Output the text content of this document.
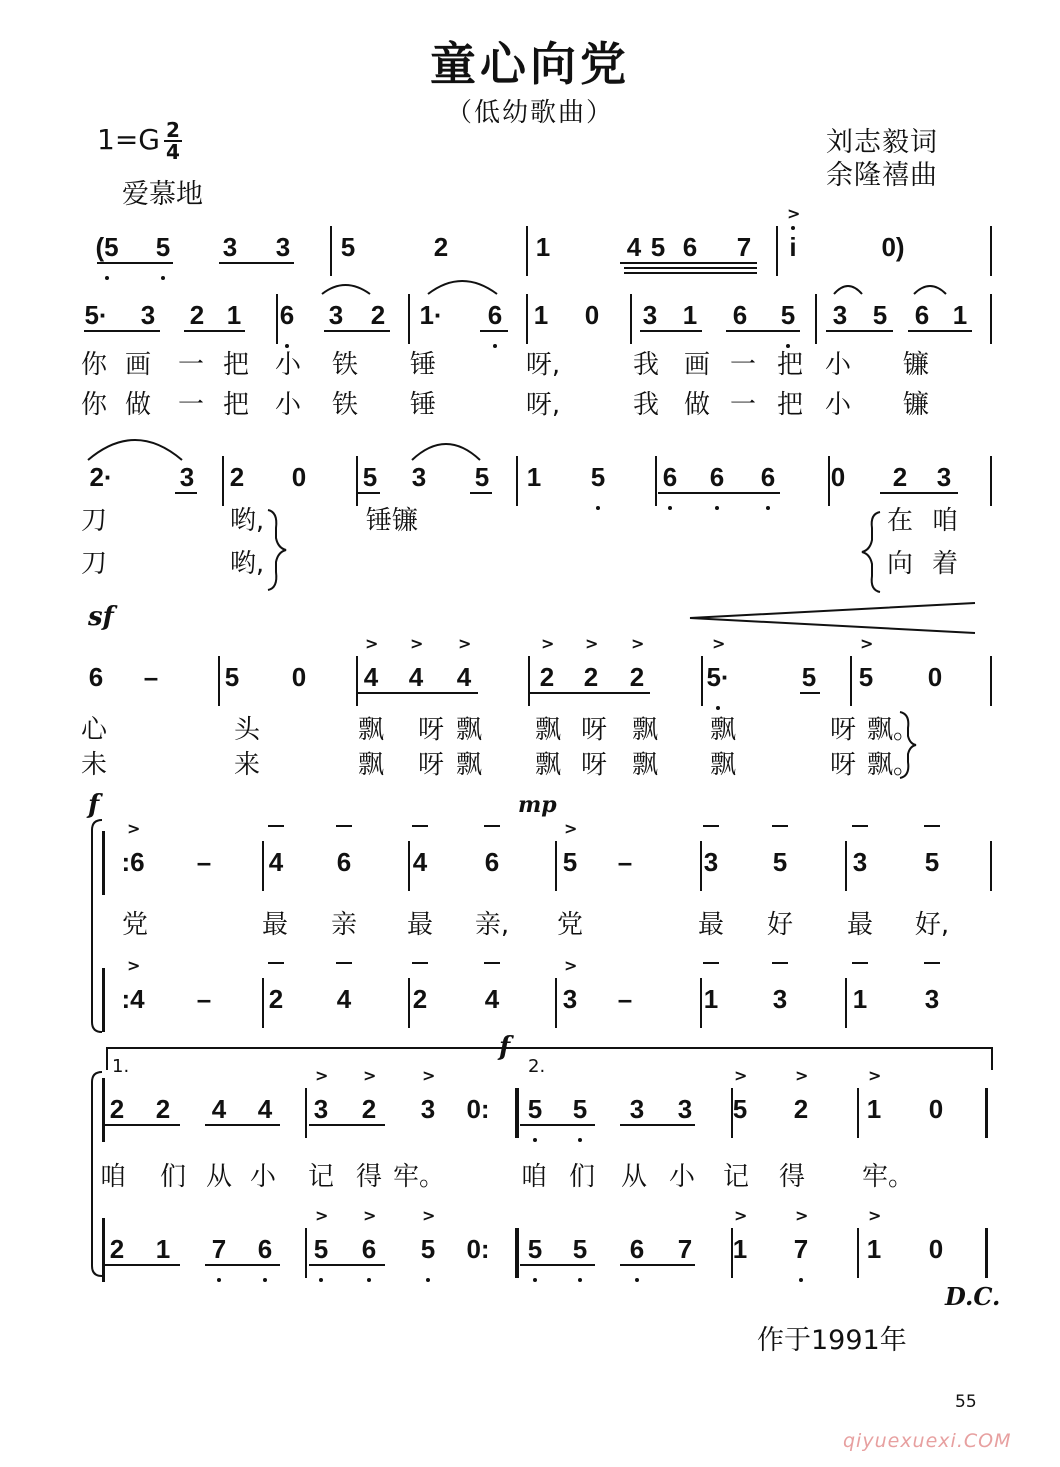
童心向党
（低幼歌曲）
$1=G \frac{2}{4}$
爱慕地
刘志毅词
余隆禧曲
(5 5 3 3 5	2	1	4 5 6 7 i	0)
>
5· 3 2 1 6 3 2 1· 6 1 0 3 1 6 5 3 5 6 1
你 画 一 把 小 铁 锤	呀,	我 画 一 把 小 镰
你 做 一 把 小 铁 锤	呀,	我 做 一 把 小 镰
2·	3 2 0 5 3 5 1 5 6 6 6 0 2 3
刀	哟,	锤镰	在 咱
刀	哟,	向 着
6 –	5 0 4 4 4	2 2 2 5·	5 5 0
> > >	> > >	>	>
心	头	飘 呀 飘 飘 呀 飘 飘	呀 飘。
未	来	飘 呀 飘 飘 呀 飘 飘	呀 飘。
:6 – 4 6 4 6 5 –	3 5	3 5
>	>
党	最 亲 最 亲, 党	最 好 最 好,
:4 – 2 4 2 4 3 –	1 3	1 3
>	>
2 2 4 4 3 2 3 0: 5 5 3 3 5 2 1 0
> >	>	>	>	>
咱 们 从 小 记 得 牢。	咱 们 从 小 记 得 牢。
2 1 7 6 5 6 5 0: 5 5 6 7 1 7 1 0
> >	>	>	>	>
sf
f	mp
f
1.	2.
D.C.
作于1991年
55
qiyuexuexi.COM
